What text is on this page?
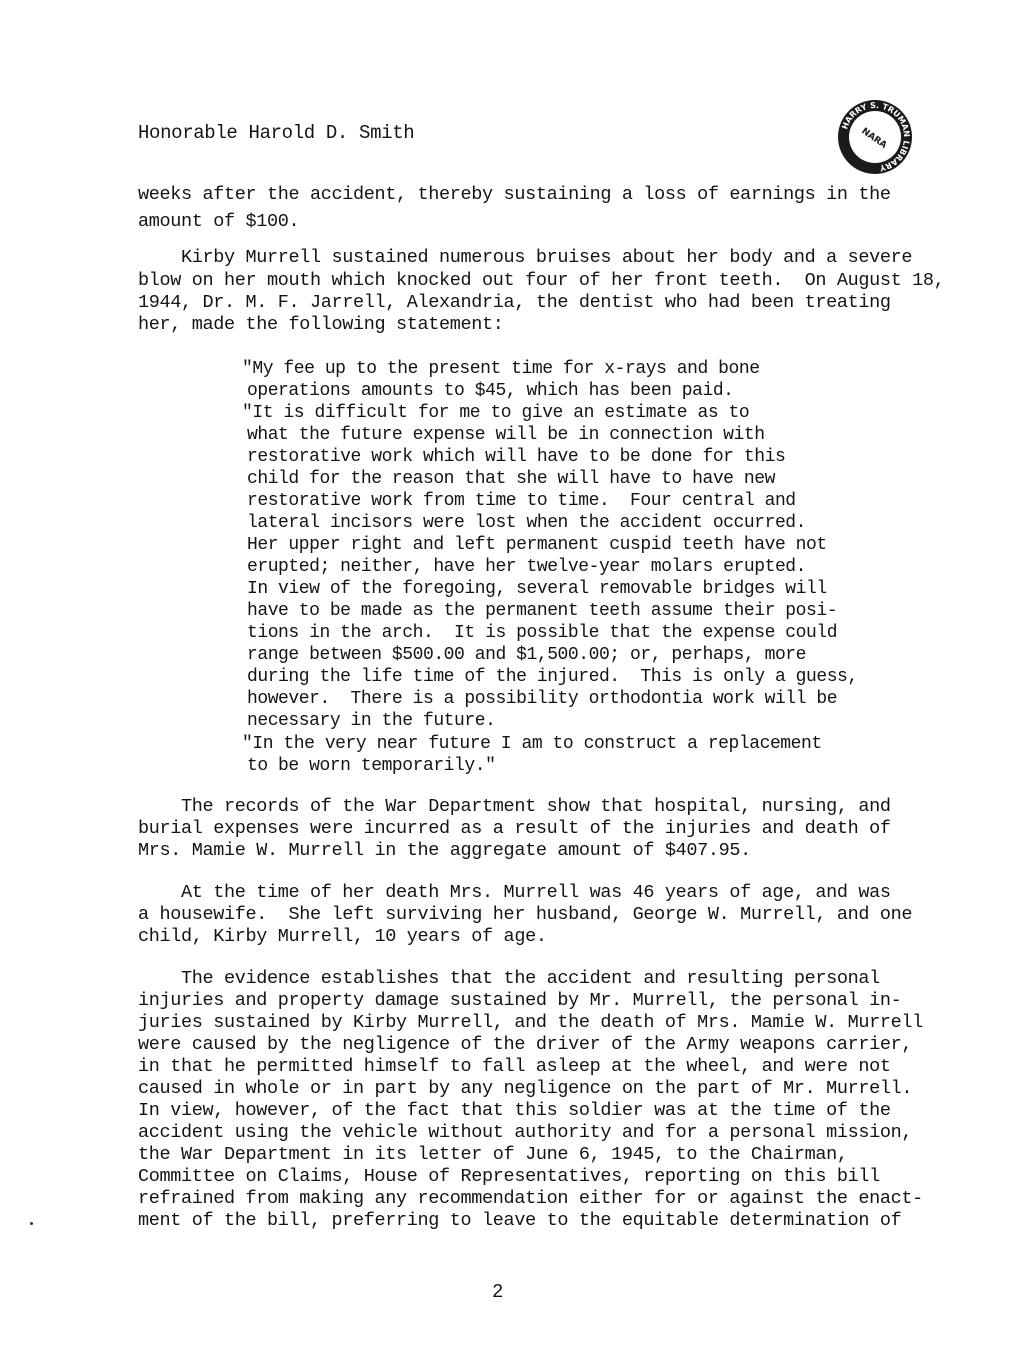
Honorable Harold D. Smith	HARRY S. TRUMAN LIBRARY
NARA
weeks after the accident, thereby sustaining a loss of earnings in the
amount of $100.
Kirby Murrell sustained numerous bruises about her body and a severe
blow on her mouth which knocked out four of her front teeth.  On August 18,
1944, Dr. M. F. Jarrell, Alexandria, the dentist who had been treating
her, made the following statement:
"My fee up to the present time for x-rays and bone
operations amounts to $45, which has been paid.
"It is difficult for me to give an estimate as to
what the future expense will be in connection with
restorative work which will have to be done for this
child for the reason that she will have to have new
restorative work from time to time.  Four central and
lateral incisors were lost when the accident occurred.
Her upper right and left permanent cuspid teeth have not
erupted; neither, have her twelve-year molars erupted.
In view of the foregoing, several removable bridges will
have to be made as the permanent teeth assume their posi-
tions in the arch.  It is possible that the expense could
range between $500.00 and $1,500.00; or, perhaps, more
during the life time of the injured.  This is only a guess,
however.  There is a possibility orthodontia work will be
necessary in the future.
"In the very near future I am to construct a replacement
to be worn temporarily."
The records of the War Department show that hospital, nursing, and
burial expenses were incurred as a result of the injuries and death of
Mrs. Mamie W. Murrell in the aggregate amount of $407.95.
At the time of her death Mrs. Murrell was 46 years of age, and was
a housewife.  She left surviving her husband, George W. Murrell, and one
child, Kirby Murrell, 10 years of age.
The evidence establishes that the accident and resulting personal
injuries and property damage sustained by Mr. Murrell, the personal in-
juries sustained by Kirby Murrell, and the death of Mrs. Mamie W. Murrell
were caused by the negligence of the driver of the Army weapons carrier,
in that he permitted himself to fall asleep at the wheel, and were not
caused in whole or in part by any negligence on the part of Mr. Murrell.
In view, however, of the fact that this soldier was at the time of the
accident using the vehicle without authority and for a personal mission,
the War Department in its letter of June 6, 1945, to the Chairman,
Committee on Claims, House of Representatives, reporting on this bill
refrained from making any recommendation either for or against the enact-
ment of the bill, preferring to leave to the equitable determination of
2
